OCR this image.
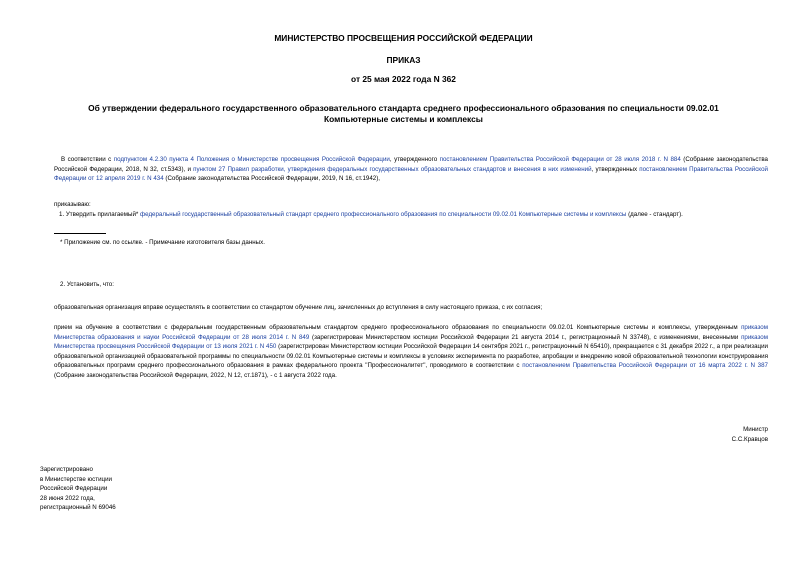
МИНИСТЕРСТВО ПРОСВЕЩЕНИЯ РОССИЙСКОЙ ФЕДЕРАЦИИ
ПРИКАЗ
от 25 мая 2022 года N 362
Об утверждении федерального государственного образовательного стандарта среднего профессионального образования по специальности 09.02.01
Компьютерные системы и комплексы
В соответствии с подпунктом 4.2.30 пункта 4 Положения о Министерстве просвещения Российской Федерации, утвержденного постановлением Правительства Российской Федерации от 28 июля 2018 г. N 884 (Собрание законодательства Российской Федерации, 2018, N 32, ст.5343), и пунктом 27 Правил разработки, утверждения федеральных государственных образовательных стандартов и внесения в них изменений, утвержденных постановлением Правительства Российской Федерации от 12 апреля 2019 г. N 434 (Собрание законодательства Российской Федерации, 2019, N 16, ст.1942),
приказываю:
1. Утвердить прилагаемый* федеральный государственный образовательный стандарт среднего профессионального образования по специальности 09.02.01 Компьютерные системы и комплексы (далее - стандарт).
* Приложение см. по ссылке. - Примечание изготовителя базы данных.
2. Установить, что:
образовательная организация вправе осуществлять в соответствии со стандартом обучение лиц, зачисленных до вступления в силу настоящего приказа, с их согласия;
прием на обучение в соответствии с федеральным государственным образовательным стандартом среднего профессионального образования по специальности 09.02.01 Компьютерные системы и комплексы, утвержденным приказом Министерства образования и науки Российской Федерации от 28 июля 2014 г. N 849 (зарегистрирован Министерством юстиции Российской Федерации 21 августа 2014 г., регистрационный N 33748), с изменениями, внесенными приказом Министерства просвещения Российской Федерации от 13 июля 2021 г. N 450 (зарегистрирован Министерством юстиции Российской Федерации 14 сентября 2021 г., регистрационный N 65410), прекращается с 31 декабря 2022 г., а при реализации образовательной организацией образовательной программы по специальности 09.02.01 Компьютерные системы и комплексы в условиях эксперимента по разработке, апробации и внедрению новой образовательной технологии конструирования образовательных программ среднего профессионального образования в рамках федерального проекта "Профессионалитет", проводимого в соответствии с постановлением Правительства Российской Федерации от 16 марта 2022 г. N 387 (Собрание законодательства Российской Федерации, 2022, N 12, ст.1871), - с 1 августа 2022 года.
Министр
С.С.Кравцов
Зарегистрировано
в Министерстве юстиции
Российской Федерации
28 июня 2022 года,
регистрационный N 69046
